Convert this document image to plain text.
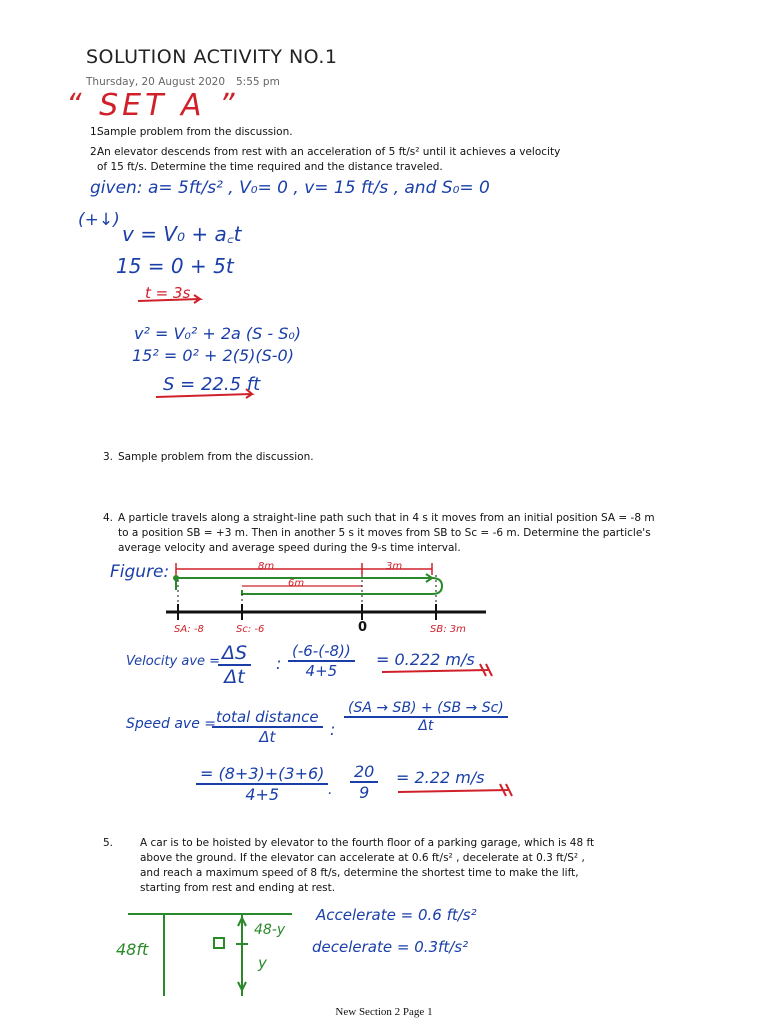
SOLUTION ACTIVITY NO.1
Thursday, 20 August 2020 5:55 pm
“ SET A ”
1.
Sample problem from the discussion.
2.
An elevator descends from rest with an acceleration of 5 ft/s² until it achieves a velocity
of 15 ft/s. Determine the time required and the distance traveled.
given: a= 5ft/s² , V₀= 0 , v= 15 ft/s , and S₀= 0
(+↓)
v = V₀ + a꜀t
15 = 0 + 5t
t = 3s
v² = V₀² + 2a (S - S₀)
15² = 0² + 2(5)(S-0)
S = 22.5 ft
3. Sample problem from the discussion.
4. A particle travels along a straight-line path such that in 4 s it moves from an initial position SA = -8 m
to a position SB = +3 m. Then in another 5 s it moves from SB to Sc = -6 m. Determine the particle's
average velocity and average speed during the 9-s time interval.
Figure:	8m	3m
6m
SA: -8	Sc: -6	0	SB: 3m
Velocity ave =
$\frac{\Delta S}{\Delta t}$ : $\frac{(-6-(-8))}{4+5} = 0.222$ m/s
Speed ave = total distance
Δt	: $\frac{(SA \to SB) + (SB \to Sc)}{\Delta t}$
$\frac{= (8+3)+(3+6)}{4+5}$ . $\frac{20}{9} = 2.22$ m/s
5.	A car is to be hoisted by elevator to the fourth floor of a parking garage, which is 48 ft
above the ground. If the elevator can accelerate at 0.6 ft/s² , decelerate at 0.3 ft/S² ,
and reach a maximum speed of 8 ft/s, determine the shortest time to make the lift,
starting from rest and ending at rest.
48ft
48-y
y
Accelerate = 0.6 ft/s²
decelerate = 0.3ft/s²
New Section 2 Page 1
